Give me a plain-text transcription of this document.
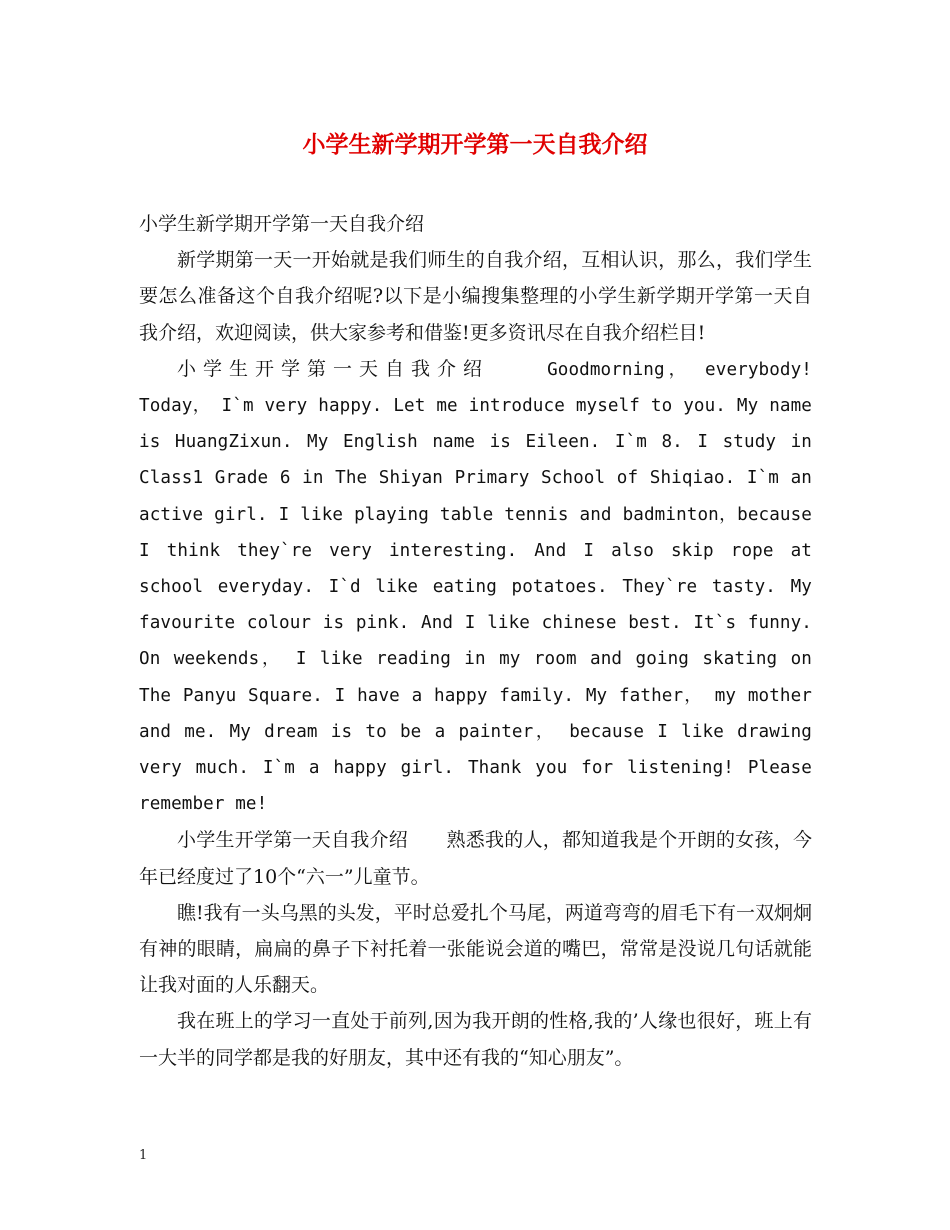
小学生新学期开学第一天自我介绍

小学生新学期开学第一天自我介绍

新学期第一天一开始就是我们师生的自我介绍，互相认识，那么，我们学生要怎么准备这个自我介绍呢?以下是小编搜集整理的小学生新学期开学第一天自我介绍，欢迎阅读，供大家参考和借鉴!更多资讯尽在自我介绍栏目!

小学生开学第一天自我介绍　　	Goodmorning， everybody! Today， I`m very happy. Let me introduce myself to you. My name is HuangZixun. My English name is Eileen. I`m 8. I study in Class1 Grade 6 in The Shiyan Primary School of Shiqiao. I`m an active girl. I like playing table tennis and badminton，because I think they`re very interesting. And I also skip rope at school everyday. I`d like eating potatoes. They`re tasty. My favourite colour is pink. And I like chinese best. It`s funny. On weekends， I like reading in my room and going skating on The Panyu Square. I have a happy family. My father， my mother and me. My dream is to be a painter， because I like drawing very much. I`m a happy girl. Thank you for listening! Please remember me!

小学生开学第一天自我介绍　　熟悉我的人，都知道我是个开朗的女孩，今年已经度过了10个“六一”儿童节。

瞧!我有一头乌黑的头发，平时总爱扎个马尾，两道弯弯的眉毛下有一双炯炯有神的眼睛，扁扁的鼻子下衬托着一张能说会道的嘴巴，常常是没说几句话就能让我对面的人乐翻天。

我在班上的学习一直处于前列,因为我开朗的性格,我的’人缘也很好，班上有一大半的同学都是我的好朋友，其中还有我的“知心朋友”。

1
